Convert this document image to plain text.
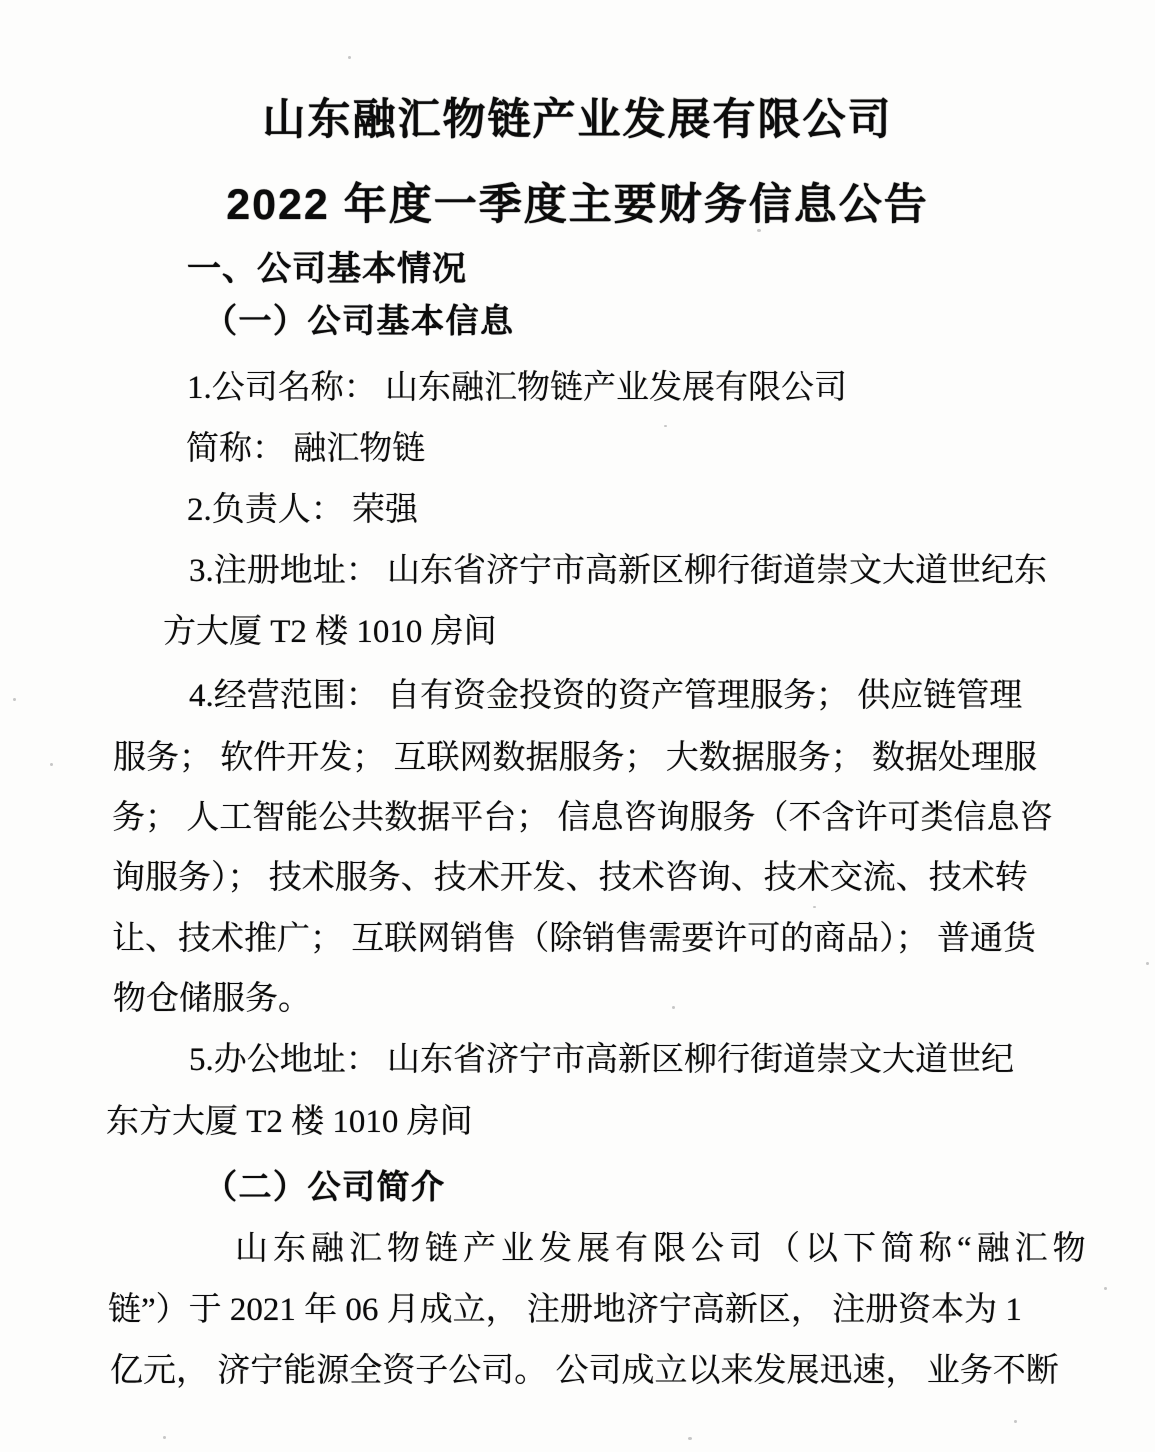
山东融汇物链产业发展有限公司
2022 年度一季度主要财务信息公告
一、公司基本情况
（一）公司基本信息
1.公司名称： 山东融汇物链产业发展有限公司
简称： 融汇物链
2.负责人： 荣强
3.注册地址： 山东省济宁市高新区柳行街道崇文大道世纪东
方大厦 T2 楼 1010 房间
4.经营范围： 自有资金投资的资产管理服务； 供应链管理
服务； 软件开发； 互联网数据服务； 大数据服务； 数据处理服
务； 人工智能公共数据平台； 信息咨询服务（不含许可类信息咨
询服务）； 技术服务、技术开发、技术咨询、技术交流、技术转
让、技术推广； 互联网销售（除销售需要许可的商品）； 普通货
物仓储服务。
5.办公地址： 山东省济宁市高新区柳行街道崇文大道世纪
东方大厦 T2 楼 1010 房间
（二）公司简介
山东融汇物链产业发展有限公司（以下简称“融汇物
链”）于 2021 年 06 月成立， 注册地济宁高新区， 注册资本为 1
亿元， 济宁能源全资子公司。 公司成立以来发展迅速， 业务不断
